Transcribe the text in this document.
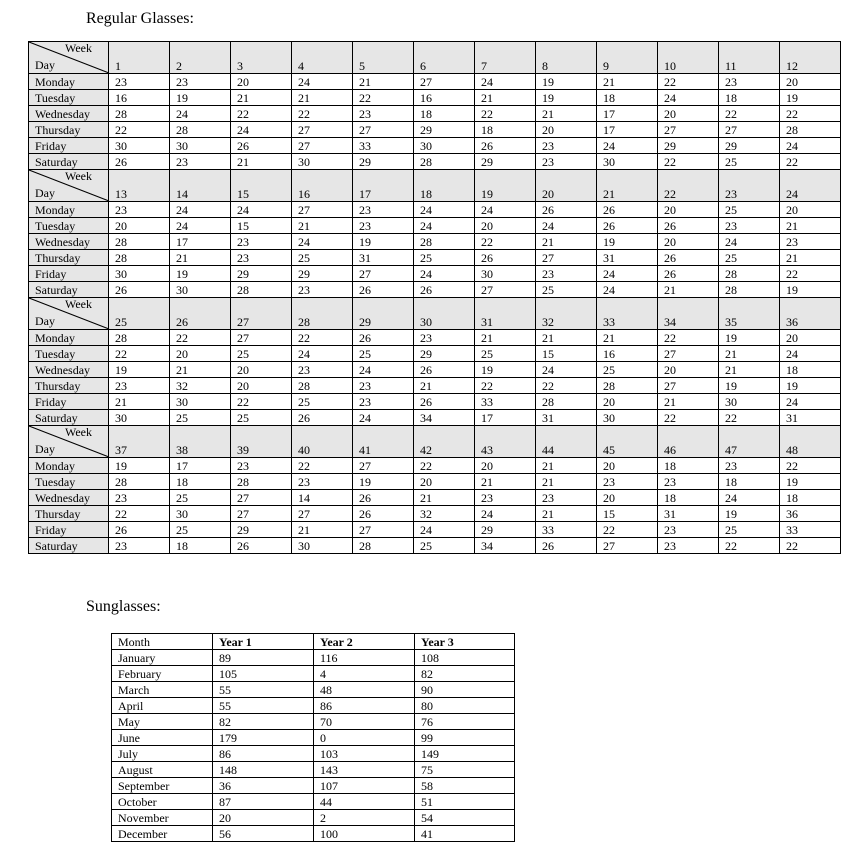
Regular Glasses:
Week
Day	1	2	3	4	5	6	7	8	9	10	11	12
Monday	23	23	20	24	21	27	24	19	21	22	23	20
Tuesday	16	19	21	21	22	16	21	19	18	24	18	19
Wednesday	28	24	22	22	23	18	22	21	17	20	22	22
Thursday	22	28	24	27	27	29	18	20	17	27	27	28
Friday	30	30	26	27	33	30	26	23	24	29	29	24
Saturday	26	23	21	30	29	28	29	23	30	22	25	22

Week
Day	13	14	15	16	17	18	19	20	21	22	23	24
Monday	23	24	24	27	23	24	24	26	26	20	25	20
Tuesday	20	24	15	21	23	24	20	24	26	26	23	21
Wednesday	28	17	23	24	19	28	22	21	19	20	24	23
Thursday	28	21	23	25	31	25	26	27	31	26	25	21
Friday	30	19	29	29	27	24	30	23	24	26	28	22
Saturday	26	30	28	23	26	26	27	25	24	21	28	19

Week
Day	25	26	27	28	29	30	31	32	33	34	35	36
Monday	28	22	27	22	26	23	21	21	21	22	19	20
Tuesday	22	20	25	24	25	29	25	15	16	27	21	24
Wednesday	19	21	20	23	24	26	19	24	25	20	21	18
Thursday	23	32	20	28	23	21	22	22	28	27	19	19
Friday	21	30	22	25	23	26	33	28	20	21	30	24
Saturday	30	25	25	26	24	34	17	31	30	22	22	31

Week
Day	37	38	39	40	41	42	43	44	45	46	47	48
Monday	19	17	23	22	27	22	20	21	20	18	23	22
Tuesday	28	18	28	23	19	20	21	21	23	23	18	19
Wednesday	23	25	27	14	26	21	23	23	20	18	24	18
Thursday	22	30	27	27	26	32	24	21	15	31	19	36
Friday	26	25	29	21	27	24	29	33	22	23	25	33
Saturday	23	18	26	30	28	25	34	26	27	23	22	22
Sunglasses:
Month	Year 1	Year 2	Year 3
January	89	116	108
February	105	4	82
March	55	48	90
April	55	86	80
May	82	70	76
June	179	0	99
July	86	103	149
August	148	143	75
September	36	107	58
October	87	44	51
November	20	2	54
December	56	100	41
